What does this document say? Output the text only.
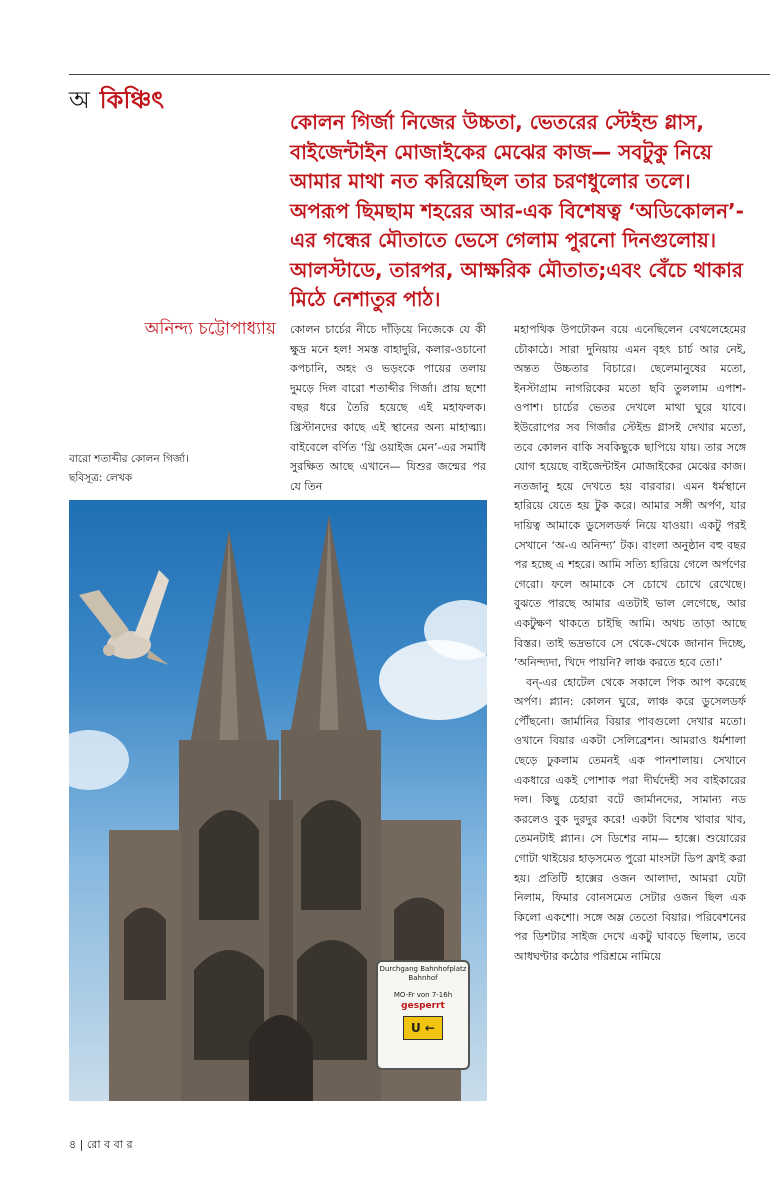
অ কিঞ্চিৎ

কোলন গির্জা নিজের উচ্চতা, ভেতরের স্টেইন্ড গ্লাস, বাইজেন্টাইন মোজাইকের মেঝের কাজ— সবটুকু নিয়ে আমার মাথা নত করিয়েছিল তার চরণধুলোর তলে। অপরূপ ছিমছাম শহরের আর-এক বিশেষত্ব ‘অডিকোলন’-এর গন্ধের মৌতাতে ভেসে গেলাম পুরনো দিনগুলোয়। আলস্টাডে, তারপর, আক্ষরিক মৌতাত;এবং বেঁচে থাকার মিঠে নেশাতুর পাঠ।

অনিন্দ্য চট্টোপাধ্যায়
বারো শতাব্দীর কোলন গির্জা।
ছবিসূত্র: লেখক

কোলন চার্চের নীচে দাঁড়িয়ে নিজেকে যে কী ক্ষুদ্র মনে হল! সমস্ত বাহাদুরি, কলার-ওচানো কপচানি, অহং ও ভড়ংকে পায়ের তলায় দুমড়ে দিল বারো শতাব্দীর গির্জা। প্রায় ছশো বছর ধরে তৈরি হয়েছে এই মহাফলক। খ্রিস্টানদের কাছে এই স্থানের অন্য মাহাত্ম্য। বাইবেলে বর্ণিত ‘থ্রি ওয়াইজ মেন’-এর সমাধি সুরক্ষিত আছে এখানে— যিশুর জন্মের পর যে তিন

মহাপথিক উপঢৌকন বয়ে এনেছিলেন বেথলেহেমের চৌকাঠে। সারা দুনিয়ায় এমন বৃহৎ চার্চ আর নেই, অন্তত উচ্চতার বিচারে। ছেলেমানুষের মতো, ইনস্টাগ্রাম নাগরিকের মতো ছবি তুললাম এপাশ-ওপাশ। চার্চের ভেতর দেখলে মাথা ঘুরে যাবে। ইউরোপের সব গির্জার স্টেইন্ড গ্লাসই দেখার মতো, তবে কোলন বাকি সবকিছুকে ছাপিয়ে যায়। তার সঙ্গে যোগ হয়েছে বাইজেন্টাইন মোজাইকের মেঝের কাজ। নতজানু হয়ে দেখতে হয় বারবার। এমন ধর্মস্থানে হারিয়ে যেতে হয় টুক করে। আমার সঙ্গী অর্পণ, যার দায়িত্ব আমাকে ডুসেলডর্ফ নিয়ে যাওয়া। একটু পরই সেখানে ‘অ-এ অনিন্দ্য’ টক। বাংলা অনুষ্ঠান বহু বছর পর হচ্ছে এ শহরে। আমি সত্যি হারিয়ে গেলে অর্পণের গেরো। ফলে আমাকে সে চোখে চোখে রেখেছে। বুঝতে পারছে আমার এতটাই ভাল লেগেছে, আর একটুক্ষণ থাকতে চাইছি আমি। অথচ তাড়া আছে বিস্তর। তাই ভদ্রভাবে সে থেকে-থেকে জানান দিচ্ছে, ‘অনিন্দ্যদা, খিদে পায়নি? লাঞ্চ করতে হবে তো।’

বন্‌-এর হোটেল থেকে সকালে পিক আপ করেছে অর্পণ। প্ল্যান: কোলন ঘুরে, লাঞ্চ করে ডুসেলডর্ফ পৌঁছনো। জার্মানির বিয়ার পাবগুলো দেখার মতো। ওখানে বিয়ার একটা সেলিব্রেশন। আমরাও ধর্মশালা ছেড়ে ঢুকলাম তেমনই এক পানশালায়। সেখানে একধারে একই পোশাক পরা দীর্ঘদেহী সব বাইকারের দল। কিছু চেহারা বটে জার্মানদের, সামান্য নড করলেও বুক দুরদুর করে! একটা বিশেষ খাবার খাব, তেমনটাই প্ল্যান। সে ডিশের নাম— হাক্সে। শুয়োরের গোটা থাইয়ের হাড়সমেত পুরো মাংসটা ডিপ ফ্রাই করা হয়। প্রতিটি হাক্সের ওজন আলাদা, আমরা যেটা নিলাম, ফিমার বোনসমেত সেটার ওজন ছিল এক কিলো একশো। সঙ্গে অম্ল তেতো বিয়ার। পরিবেশনের পর ডিশটার সাইজ দেখে একটু ঘাবড়ে ছিলাম, তবে আধঘণ্টার কঠোর পরিশ্রমে নামিয়ে

Durchgang Bahnhofplatz Bahnhof
MO-Fr von 7-16h
gesperrt
U ←
৪ | রো ব বা র
